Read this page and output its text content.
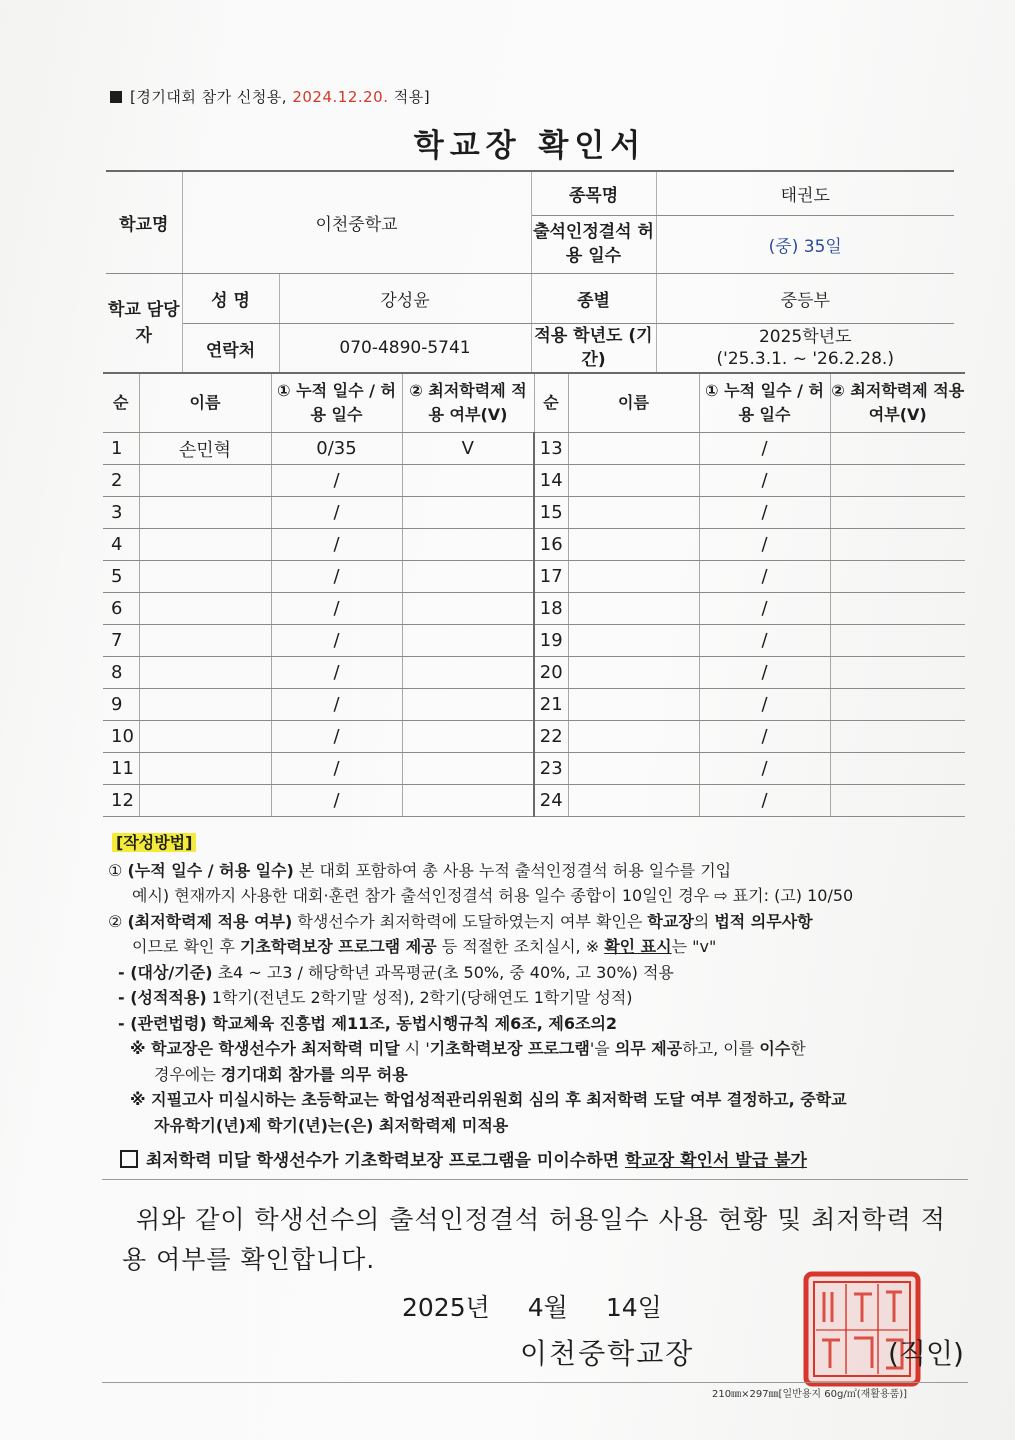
[경기대회 참가 신청용, 2024.12.20. 적용]
학교장 확인서
학교명	이천중학교		종목명	태권도
			출석인정결석 허용 일수	(중) 35일
학교 담당자	성 명	강성윤	종별	중등부
	연락처	070-4890-5741	적용 학년도 (기간)	2025학년도
('25.3.1. ~ '26.2.28.)
순	이름	① 누적 일수 / 허용 일수	② 최저학력제 적용 여부(V)	순	이름	① 누적 일수 / 허용 일수	② 최저학력제 적용 여부(V)
1	손민혁	0/35	V	13		/	
2		/		14		/	
3		/		15		/	
4		/		16		/	
5		/		17		/	
6		/		18		/	
7		/		19		/	
8		/		20		/	
9		/		21		/	
10		/		22		/	
11		/		23		/	
12		/		24		/	
[작성방법]
① (누적 일수 / 허용 일수) 본 대회 포함하여 총 사용 누적 출석인정결석 허용 일수를 기입
예시) 현재까지 사용한 대회·훈련 참가 출석인정결석 허용 일수 종합이 10일인 경우 ⇨ 표기: (고) 10/50
② (최저학력제 적용 여부) 학생선수가 최저학력에 도달하였는지 여부 확인은 학교장의 법적 의무사항
이므로 확인 후 기초학력보장 프로그램 제공 등 적절한 조치실시, ※ 확인 표시는 "v"
- (대상/기준) 초4 ~ 고3 / 해당학년 과목평균(초 50%, 중 40%, 고 30%) 적용
- (성적적용) 1학기(전년도 2학기말 성적), 2학기(당해연도 1학기말 성적)
- (관련법령) 학교체육 진흥법 제11조, 동법시행규칙 제6조, 제6조의2
※ 학교장은 학생선수가 최저학력 미달 시 '기초학력보장 프로그램'을 의무 제공하고, 이를 이수한
경우에는 경기대회 참가를 의무 허용
※ 지필고사 미실시하는 초등학교는 학업성적관리위원회 심의 후 최저학력 도달 여부 결정하고, 중학교
자유학기(년)제 학기(년)는(은) 최저학력제 미적용
최저학력 미달 학생선수가 기초학력보장 프로그램을 미이수하면 학교장 확인서 발급 불가
위와 같이 학생선수의 출석인정결석 허용일수 사용 현황 및 최저학력 적용 여부를 확인합니다.
2025년 4월 14일
이천중학교장	(직인)
210㎜×297㎜[일반용지 60g/㎡(재활용품)]
